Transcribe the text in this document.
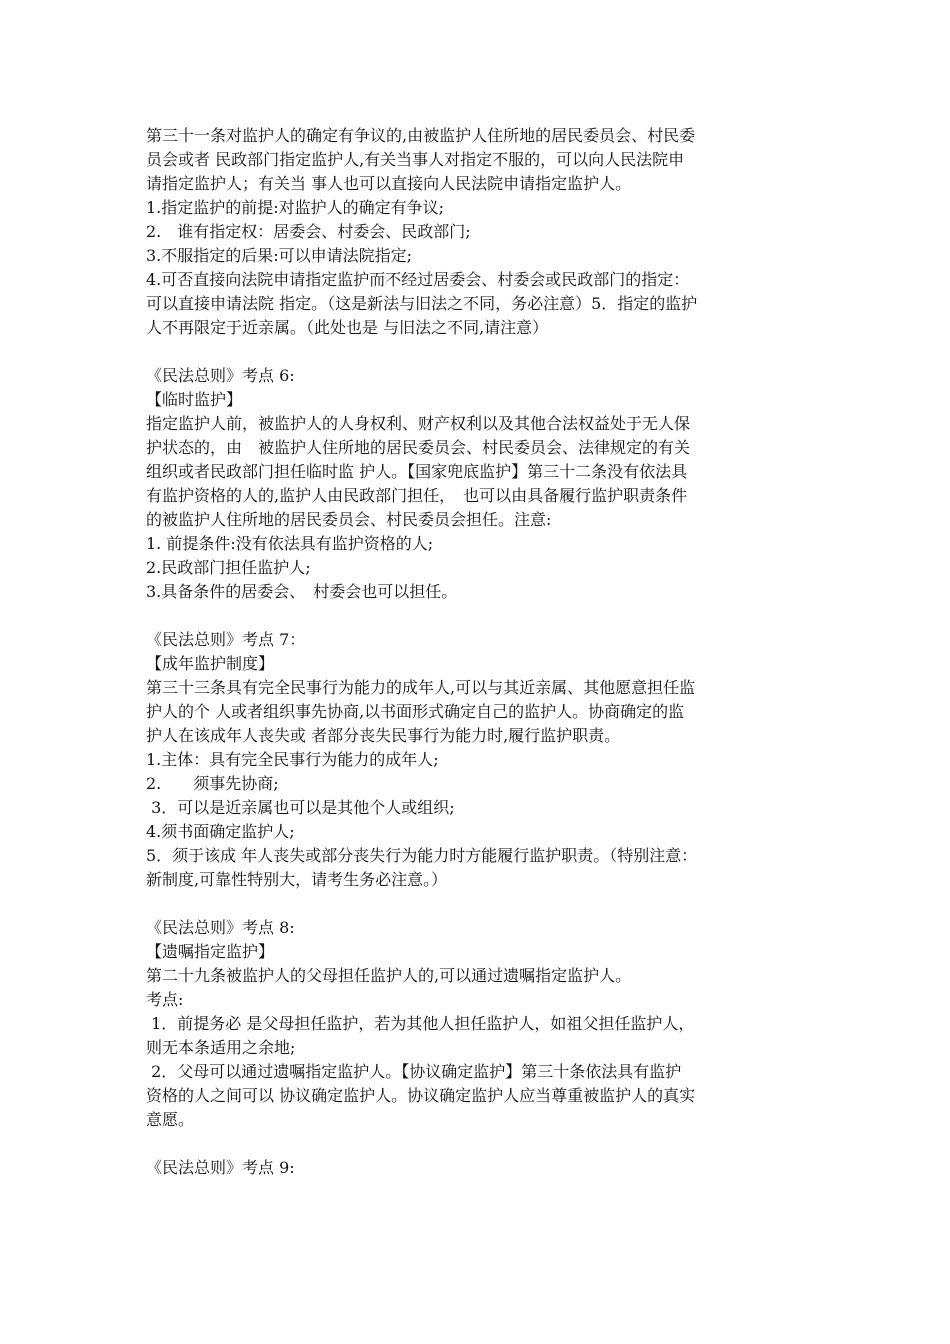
第三十一条对监护人的确定有争议的,由被监护人住所地的居民委员会、村民委
员会或者 民政部门指定监护人,有关当事人对指定不服的，可以向人民法院申
请指定监护人；有关当 事人也可以直接向人民法院申请指定监护人。
1.指定监护的前提:对监护人的确定有争议;
2.　谁有指定权：居委会、村委会、民政部门;
3.不服指定的后果:可以申请法院指定;
4.可否直接向法院申请指定监护而不经过居委会、村委会或民政部门的指定：
可以直接申请法院 指定。（这是新法与旧法之不同，务必注意）5．指定的监护
人不再限定于近亲属。（此处也是 与旧法之不同,请注意）
《民法总则》考点 6:
【临时监护】
指定监护人前，被监护人的人身权利、财产权利以及其他合法权益处于无人保
护状态的，由　被监护人住所地的居民委员会、村民委员会、法律规定的有关
组织或者民政部门担任临时监 护人。【国家兜底监护】第三十二条没有依法具
有监护资格的人的,监护人由民政部门担任，　也可以由具备履行监护职责条件
的被监护人住所地的居民委员会、村民委员会担任。注意:
1. 前提条件:没有依法具有监护资格的人;
2.民政部门担任监护人;
3.具备条件的居委会、　村委会也可以担任。
《民法总则》考点 7：
【成年监护制度】
第三十三条具有完全民事行为能力的成年人,可以与其近亲属、其他愿意担任监
护人的个 人或者组织事先协商,以书面形式确定自己的监护人。协商确定的监
护人在该成年人丧失或 者部分丧失民事行为能力时,履行监护职责。
1.主体：具有完全民事行为能力的成年人;
2.　　须事先协商;
3．可以是近亲属也可以是其他个人或组织;
4.须书面确定监护人;
5．须于该成 年人丧失或部分丧失行为能力时方能履行监护职责。（特别注意：
新制度,可靠性特别大，请考生务必注意。）
《民法总则》考点 8:
【遗嘱指定监护】
第二十九条被监护人的父母担任监护人的,可以通过遗嘱指定监护人。
考点:
1．前提务必 是父母担任监护，若为其他人担任监护人，如祖父担任监护人，
则无本条适用之余地;
2．父母可以通过遗嘱指定监护人。【协议确定监护】第三十条依法具有监护
资格的人之间可以 协议确定监护人。协议确定监护人应当尊重被监护人的真实
意愿。
《民法总则》考点 9:
